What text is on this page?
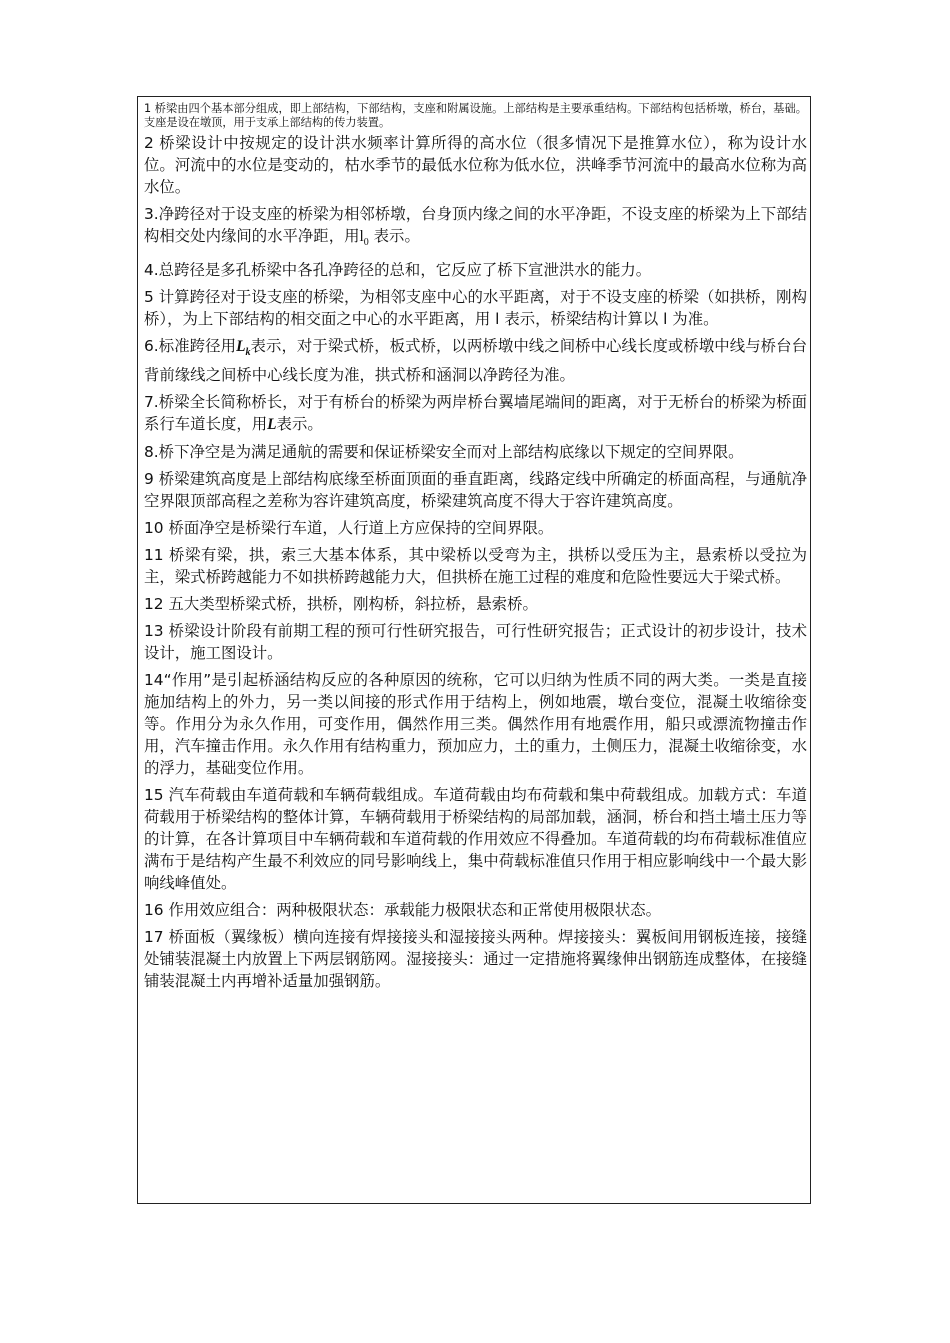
1 桥梁由四个基本部分组成，即上部结构，下部结构，支座和附属设施。上部结构是主要承重结构。下部结构包括桥墩，桥台，基础。支座是设在墩顶，用于支承上部结构的传力装置。

2 桥梁设计中按规定的设计洪水频率计算所得的高水位（很多情况下是推算水位），称为设计水位。河流中的水位是变动的，枯水季节的最低水位称为低水位，洪峰季节河流中的最高水位称为高水位。

3.净跨径对于设支座的桥梁为相邻桥墩，台身顶内缘之间的水平净距，不设支座的桥梁为上下部结构相交处内缘间的水平净距，用$l_0$ 表示。

4.总跨径是多孔桥梁中各孔净跨径的总和，它反应了桥下宣泄洪水的能力。

5 计算跨径对于设支座的桥梁，为相邻支座中心的水平距离，对于不设支座的桥梁（如拱桥，刚构桥），为上下部结构的相交面之中心的水平距离，用 l 表示，桥梁结构计算以 l 为准。

6.标准跨径用$L_k$表示，对于梁式桥，板式桥，以两桥墩中线之间桥中心线长度或桥墩中线与桥台台背前缘线之间桥中心线长度为准，拱式桥和涵洞以净跨径为准。

7.桥梁全长简称桥长，对于有桥台的桥梁为两岸桥台翼墙尾端间的距离，对于无桥台的桥梁为桥面系行车道长度，用L表示。

8.桥下净空是为满足通航的需要和保证桥梁安全而对上部结构底缘以下规定的空间界限。

9 桥梁建筑高度是上部结构底缘至桥面顶面的垂直距离，线路定线中所确定的桥面高程，与通航净空界限顶部高程之差称为容许建筑高度，桥梁建筑高度不得大于容许建筑高度。

10 桥面净空是桥梁行车道，人行道上方应保持的空间界限。

11 桥梁有梁，拱，索三大基本体系，其中梁桥以受弯为主，拱桥以受压为主，悬索桥以受拉为主，梁式桥跨越能力不如拱桥跨越能力大，但拱桥在施工过程的难度和危险性要远大于梁式桥。

12 五大类型桥梁式桥，拱桥，刚构桥，斜拉桥，悬索桥。

13 桥梁设计阶段有前期工程的预可行性研究报告，可行性研究报告；正式设计的初步设计，技术设计，施工图设计。

14“作用”是引起桥涵结构反应的各种原因的统称，它可以归纳为性质不同的两大类。一类是直接施加结构上的外力，另一类以间接的形式作用于结构上，例如地震，墩台变位，混凝土收缩徐变等。作用分为永久作用，可变作用，偶然作用三类。偶然作用有地震作用，船只或漂流物撞击作用，汽车撞击作用。永久作用有结构重力，预加应力，土的重力，土侧压力，混凝土收缩徐变，水的浮力，基础变位作用。

15 汽车荷载由车道荷载和车辆荷载组成。车道荷载由均布荷载和集中荷载组成。加载方式：车道荷载用于桥梁结构的整体计算，车辆荷载用于桥梁结构的局部加载，涵洞，桥台和挡土墙土压力等的计算，在各计算项目中车辆荷载和车道荷载的作用效应不得叠加。车道荷载的均布荷载标准值应满布于是结构产生最不利效应的同号影响线上，集中荷载标准值只作用于相应影响线中一个最大影响线峰值处。

16 作用效应组合：两种极限状态：承载能力极限状态和正常使用极限状态。

17 桥面板（翼缘板）横向连接有焊接接头和湿接接头两种。焊接接头：翼板间用钢板连接，接缝处铺装混凝土内放置上下两层钢筋网。湿接接头：通过一定措施将翼缘伸出钢筋连成整体，在接缝铺装混凝土内再增补适量加强钢筋。
